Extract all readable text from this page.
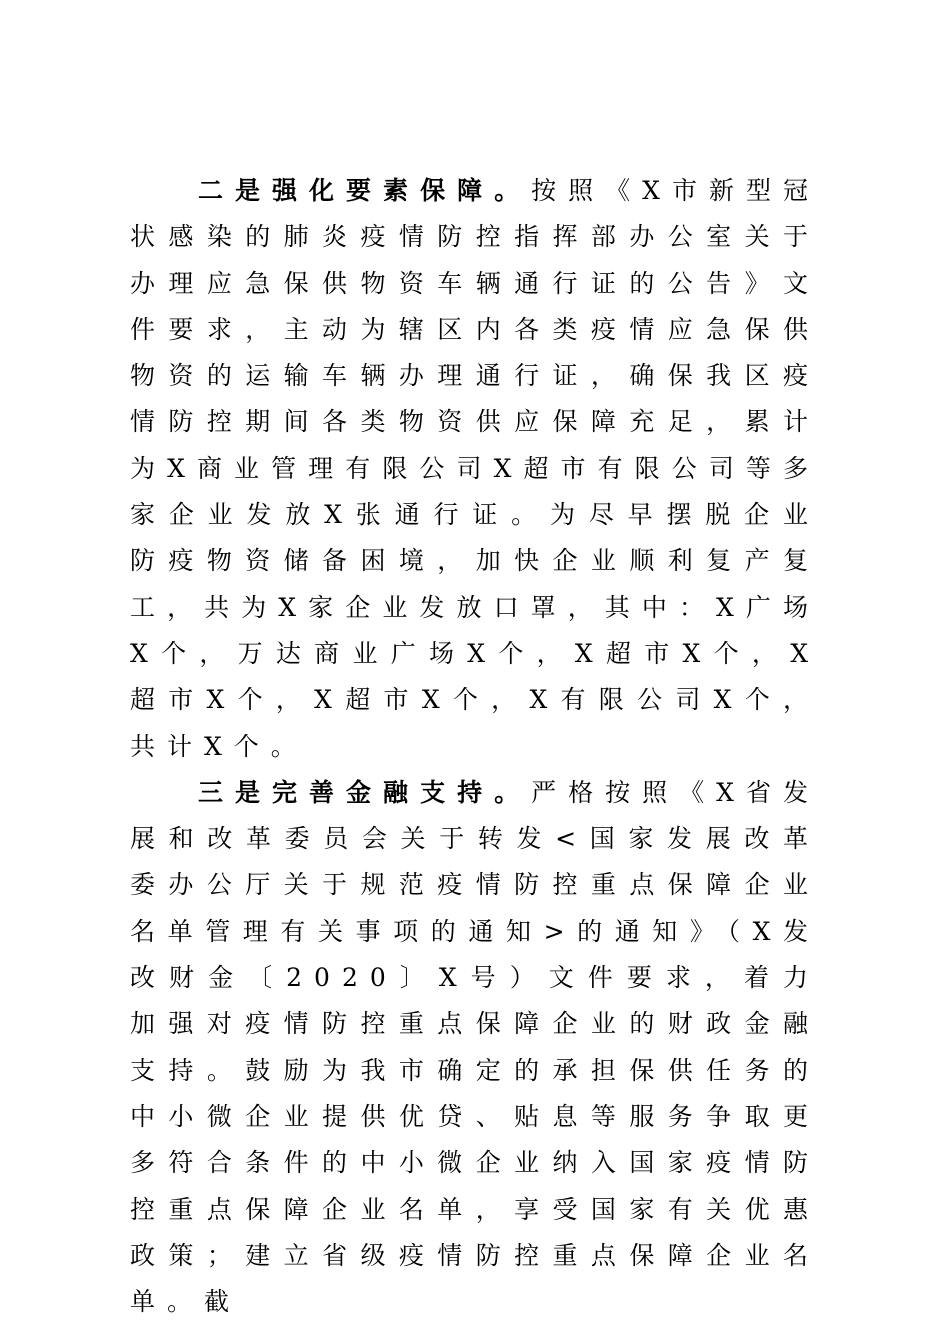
二是强化要素保障。按照《X市新型冠状感染的肺炎疫情防控指挥部办公室关于办理应急保供物资车辆通行证的公告》文件要求，主动为辖区内各类疫情应急保供物资的运输车辆办理通行证，确保我区疫情防控期间各类物资供应保障充足，累计为X商业管理有限公司X超市有限公司等多家企业发放X张通行证。为尽早摆脱企业防疫物资储备困境，加快企业顺利复产复工，共为X家企业发放口罩，其中：X广场X个，万达商业广场X个，X超市X个，X超市X个，X超市X个，X有限公司X个，共计X个。

三是完善金融支持。严格按照《X省发展和改革委员会关于转发<国家发展改革委办公厅关于规范疫情防控重点保障企业名单管理有关事项的通知>的通知》（X发改财金〔2020〕X号）文件要求，着力加强对疫情防控重点保障企业的财政金融支持。鼓励为我市确定的承担保供任务的中小微企业提供优贷、贴息等服务争取更多符合条件的中小微企业纳入国家疫情防控重点保障企业名单，享受国家有关优惠政策；建立省级疫情防控重点保障企业名单。截
